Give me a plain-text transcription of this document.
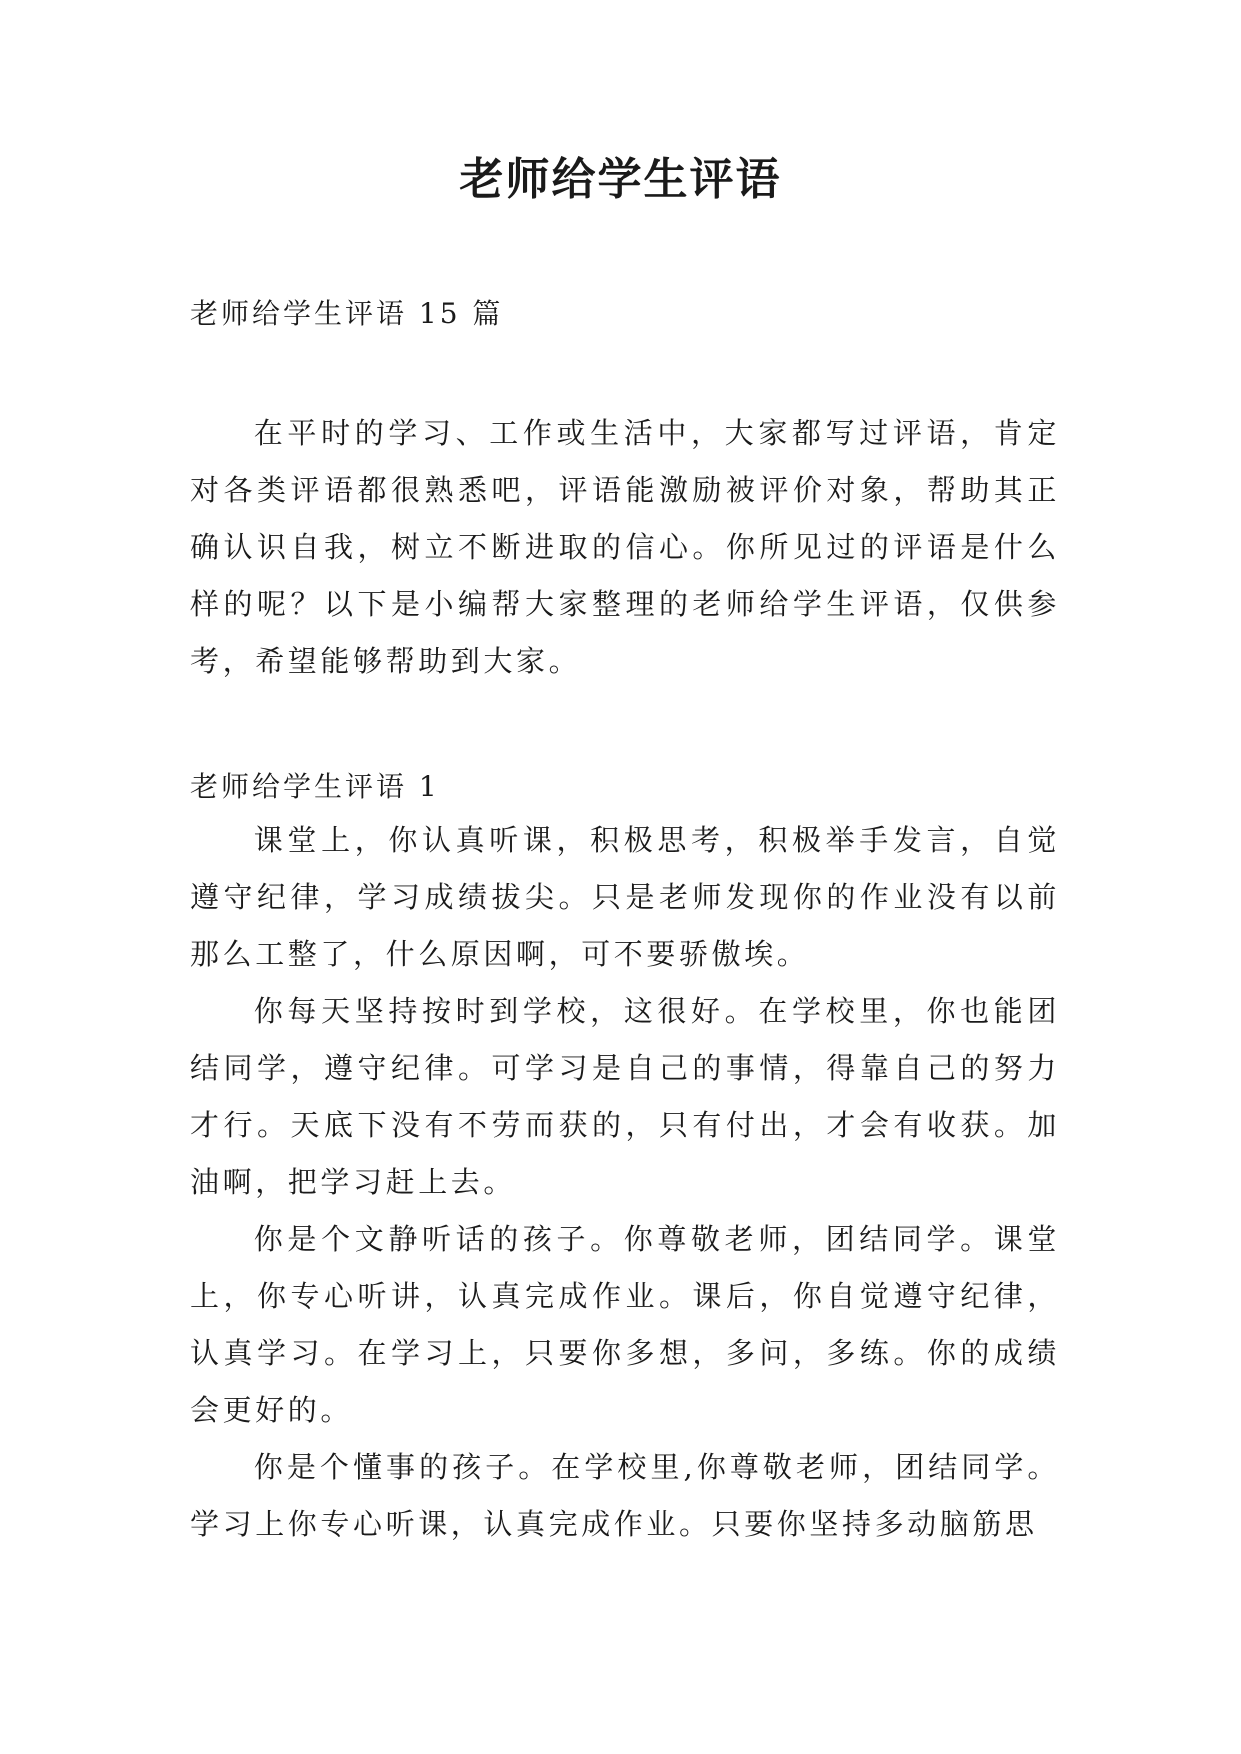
老师给学生评语
老师给学生评语 15 篇

在平时的学习、工作或生活中，大家都写过评语，肯定对各类评语都很熟悉吧，评语能激励被评价对象，帮助其正确认识自我，树立不断进取的信心。你所见过的评语是什么样的呢？以下是小编帮大家整理的老师给学生评语，仅供参考，希望能够帮助到大家。

老师给学生评语 1

课堂上，你认真听课，积极思考，积极举手发言，自觉遵守纪律，学习成绩拔尖。只是老师发现你的作业没有以前那么工整了，什么原因啊，可不要骄傲埃。

你每天坚持按时到学校，这很好。在学校里，你也能团结同学，遵守纪律。可学习是自己的事情，得靠自己的努力才行。天底下没有不劳而获的，只有付出，才会有收获。加油啊，把学习赶上去。

你是个文静听话的孩子。你尊敬老师，团结同学。课堂上，你专心听讲，认真完成作业。课后，你自觉遵守纪律，认真学习。在学习上，只要你多想，多问，多练。你的成绩会更好的。

你是个懂事的孩子。在学校里,你尊敬老师，团结同学。学习上你专心听课，认真完成作业。只要你坚持多动脑筋思
